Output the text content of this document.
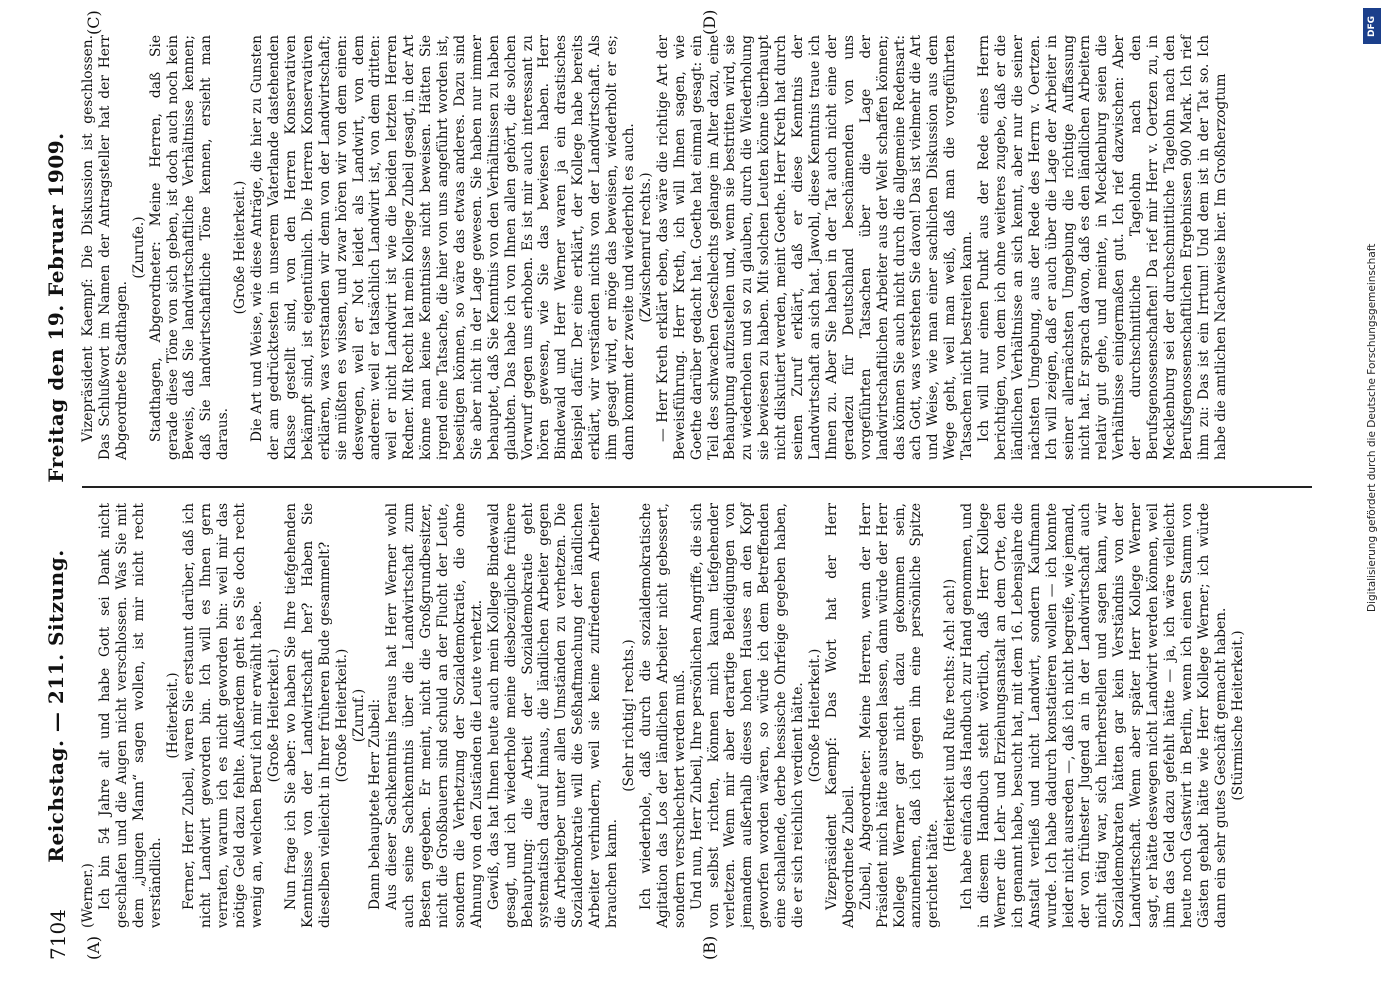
7104
Reichstag. — 211. Sitzung.Freitag den 19. Februar 1909.
(A)	(B)
(C)	(D)

(Werner.) Ich bin 54 Jahre alt und habe Gott sei Dank nicht geschlafen und die Augen nicht verschlossen. Was Sie mit dem „jungen Mann“ sagen wollen, ist mir nicht recht verständlich.

(Heiterkeit.) Ferner, Herr Zubeil, waren Sie erstaunt darüber, daß ich nicht Landwirt geworden bin. Ich will es Ihnen gern verraten, warum ich es nicht geworden bin: weil mir das nötige Geld dazu fehlte. Außerdem geht es Sie doch recht wenig an, welchen Beruf ich mir erwählt habe. (Große Heiterkeit.) Nun frage ich Sie aber: wo haben Sie Ihre tiefgehenden Kenntnisse von der Landwirtschaft her? Haben Sie dieselben vielleicht in Ihrer früheren Bude gesammelt? (Große Heiterkeit.) (Zuruf.) Dann behauptete Herr Zubeil: Aus dieser Sachkenntnis heraus hat Herr Werner wohl auch seine Sachkenntnis über die Landwirtschaft zum Besten gegeben. Er meint, nicht die Großgrundbesitzer, nicht die Großbauern sind schuld an der Flucht der Leute, sondern die Verhetzung der Sozialdemokratie, die ohne Ahnung von den Zuständen die Leute verhetzt. Gewiß, das hat Ihnen heute auch mein Kollege Bindewald gesagt, und ich wiederhole meine diesbezügliche frühere Behauptung: die Arbeit der Sozialdemokratie geht systematisch darauf hinaus, die ländlichen Arbeiter gegen die Arbeitgeber unter allen Umständen zu verhetzen. Die Sozialdemokratie will die Seßhaftmachung der ländlichen Arbeiter verhindern, weil sie keine zufriedenen Arbeiter brauchen kann.

(Sehr richtig! rechts.) Ich wiederhole, daß durch die sozialdemokratische Agitation das Los der ländlichen Arbeiter nicht gebessert, sondern verschlechtert werden muß. Und nun, Herr Zubeil, Ihre persönlichen Angriffe, die sich von selbst richten, können mich kaum tiefgehender verletzen. Wenn mir aber derartige Beleidigungen von jemandem außerhalb dieses hohen Hauses an den Kopf geworfen worden wären, so würde ich dem Betreffenden eine schallende, derbe hessische Ohrfeige gegeben haben, die er sich reichlich verdient hätte. (Große Heiterkeit.) Vizepräsident Kaempf: Das Wort hat der Herr Abgeordnete Zubeil. Zubeil, Abgeordneter: Meine Herren, wenn der Herr Präsident mich hätte ausreden lassen, dann würde der Herr Kollege Werner gar nicht dazu gekommen sein, anzunehmen, daß ich gegen ihn eine persönliche Spitze gerichtet hätte.

(Heiterkeit und Rufe rechts: Ach! ach!) Ich habe einfach das Handbuch zur Hand genommen, und in diesem Handbuch steht wörtlich, daß Herr Kollege Werner die Lehr- und Erziehungsanstalt an dem Orte, den ich genannt habe, besucht hat, mit dem 16. Lebensjahre die Anstalt verließ und nicht Landwirt, sondern Kaufmann wurde. Ich habe dadurch konstatieren wollen — ich konnte leider nicht ausreden —, daß ich nicht begreife, wie jemand, der von frühester Jugend an in der Landwirtschaft auch nicht tätig war, sich hierherstellen und sagen kann, wir Sozialdemokraten hätten gar kein Verständnis von der Landwirtschaft. Wenn aber später Herr Kollege Werner sagt, er hätte deswegen nicht Landwirt werden können, weil ihm das Geld dazu gefehlt hätte — ja, ich wäre vielleicht heute noch Gastwirt in Berlin, wenn ich einen Stamm von Gästen gehabt hätte wie Herr Kollege Werner; ich würde dann ein sehr gutes Geschäft gemacht haben. (Stürmische Heiterkeit.)

Vizepräsident Kaempf: Die Diskussion ist geschlossen. Das Schlußwort im Namen der Antragsteller hat der Herr Abgeordnete Stadthagen.

(Zurufe.) Stadthagen, Abgeordneter: Meine Herren, daß Sie gerade diese Töne von sich geben, ist doch auch noch kein Beweis, daß Sie landwirtschaftliche Verhältnisse kennen; daß Sie landwirtschaftliche Töne kennen, ersieht man daraus.

(Große Heiterkeit.) Die Art und Weise, wie diese Anträge, die hier zu Gunsten der am gedrücktesten in unserem Vaterlande dastehenden Klasse gestellt sind, von den Herren Konservativen bekämpft sind, ist eigentümlich. Die Herren Konservativen erklären, was verstanden wir denn von der Landwirtschaft; sie müßten es wissen, und zwar hören wir von dem einen: deswegen, weil er Not leidet als Landwirt, von dem anderen: weil er tatsächlich Landwirt ist, von dem dritten: weil er nicht Landwirt ist wie die beiden letzten Herren Redner. Mit Recht hat mein Kollege Zubeil gesagt, in der Art könne man keine Kenntnisse nicht beweisen. Hätten Sie irgend eine Tatsache, die hier von uns angeführt worden ist, beseitigen können, so wäre das etwas anderes. Dazu sind Sie aber nicht in der Lage gewesen. Sie haben nur immer behauptet, daß Sie Kenntnis von den Verhältnissen zu haben glaubten. Das habe ich von Ihnen allen gehört, die solchen Vorwurf gegen uns erhoben. Es ist mir auch interessant zu hören gewesen, wie Sie das bewiesen haben. Herr Bindewald und Herr Werner waren ja ein drastisches Beispiel dafür. Der eine erklärt, der Kollege habe bereits erklärt, wir verständen nichts von der Landwirtschaft. Als ihm gesagt wird, er möge das beweisen, wiederholt er es; dann kommt der zweite und wiederholt es auch. (Zwischenruf rechts.) — Herr Kreth erklärt eben, das wäre die richtige Art der Beweisführung. Herr Kreth, ich will Ihnen sagen, wie Goethe darüber gedacht hat. Goethe hat einmal gesagt: ein Teil des schwachen Geschlechts gelange im Alter dazu, eine Behauptung aufzustellen und, wenn sie bestritten wird, sie zu wiederholen und so zu glauben, durch die Wiederholung sie bewiesen zu haben. Mit solchen Leuten könne überhaupt nicht diskutiert werden, meint Goethe. Herr Kreth hat durch seinen Zuruf erklärt, daß er diese Kenntnis der Landwirtschaft an sich hat. Jawohl, diese Kenntnis traue ich Ihnen zu. Aber Sie haben in der Tat auch nicht eine der geradezu für Deutschland beschämenden von uns vorgeführten Tatsachen über die Lage der landwirtschaftlichen Arbeiter aus der Welt schaffen können; das können Sie auch nicht durch die allgemeine Redensart: ach Gott, was verstehen Sie davon! Das ist vielmehr die Art und Weise, wie man einer sachlichen Diskussion aus dem Wege geht, weil man weiß, daß man die vorgeführten Tatsachen nicht bestreiten kann. Ich will nur einen Punkt aus der Rede eines Herrn berichtigen, von dem ich ohne weiteres zugebe, daß er die ländlichen Verhältnisse an sich kennt, aber nur die seiner nächsten Umgebung, aus der Rede des Herrn v. Oertzen. Ich will zeigen, daß er auch über die Lage der Arbeiter in seiner allernächsten Umgebung die richtige Auffassung nicht hat. Er sprach davon, daß es den ländlichen Arbeitern relativ gut gehe, und meinte, in Mecklenburg seien die Verhältnisse einigermaßen gut. Ich rief dazwischen: Aber der durchschnittliche Tagelohn nach den Berufsgenossenschaften! Da rief mir Herr v. Oertzen zu, in Mecklenburg sei der durchschnittliche Tagelohn nach den Berufsgenossenschaftlichen Ergebnissen 900 Mark. Ich rief ihm zu: Das ist ein Irrtum! Und dem ist in der Tat so. Ich habe die amtlichen Nachweise hier. Im Großherzogtum

DFG
Digitalisierung gefördert durch die Deutsche Forschungsgemeinschaft
